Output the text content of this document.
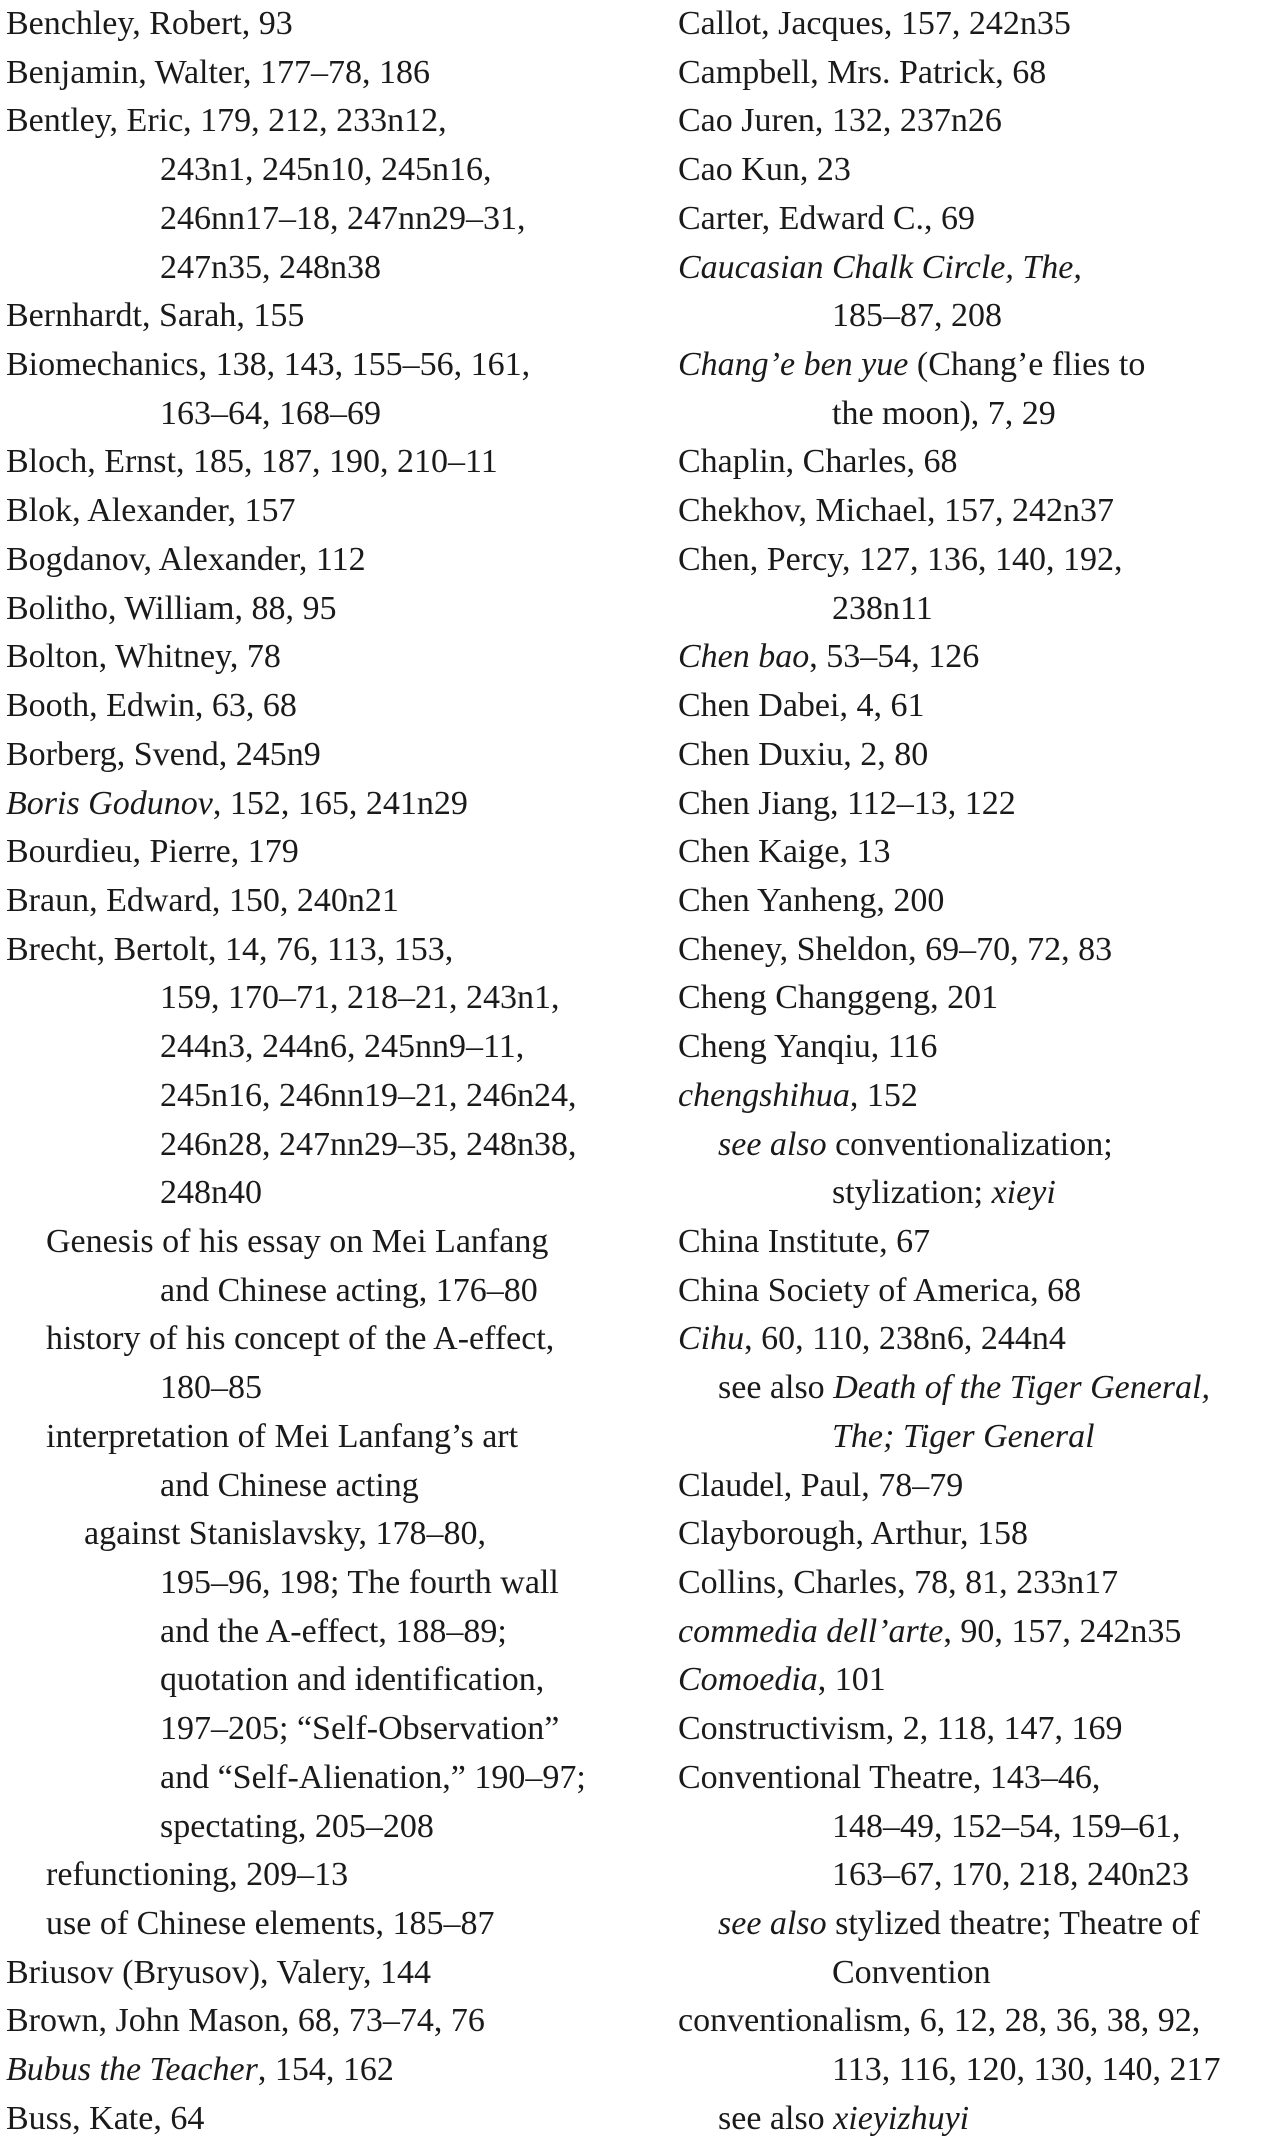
Benchley, Robert, 93
Benjamin, Walter, 177–78, 186
Bentley, Eric, 179, 212, 233n12,
243n1, 245n10, 245n16,
246nn17–18, 247nn29–31,
247n35, 248n38
Bernhardt, Sarah, 155
Biomechanics, 138, 143, 155–56, 161,
163–64, 168–69
Bloch, Ernst, 185, 187, 190, 210–11
Blok, Alexander, 157
Bogdanov, Alexander, 112
Bolitho, William, 88, 95
Bolton, Whitney, 78
Booth, Edwin, 63, 68
Borberg, Svend, 245n9
Boris Godunov, 152, 165, 241n29
Bourdieu, Pierre, 179
Braun, Edward, 150, 240n21
Brecht, Bertolt, 14, 76, 113, 153,
159, 170–71, 218–21, 243n1,
244n3, 244n6, 245nn9–11,
245n16, 246nn19–21, 246n24,
246n28, 247nn29–35, 248n38,
248n40
Genesis of his essay on Mei Lanfang
and Chinese acting, 176–80
history of his concept of the A-effect,
180–85
interpretation of Mei Lanfang’s art
and Chinese acting
against Stanislavsky, 178–80,
195–96, 198; The fourth wall
and the A-effect, 188–89;
quotation and identification,
197–205; “Self-Observation”
and “Self-Alienation,” 190–97;
spectating, 205–208
refunctioning, 209–13
use of Chinese elements, 185–87
Briusov (Bryusov), Valery, 144
Brown, John Mason, 68, 73–74, 76
Bubus the Teacher, 154, 162
Buss, Kate, 64
Callot, Jacques, 157, 242n35
Campbell, Mrs. Patrick, 68
Cao Juren, 132, 237n26
Cao Kun, 23
Carter, Edward C., 69
Caucasian Chalk Circle, The,
185–87, 208
Chang’e ben yue (Chang’e flies to
the moon), 7, 29
Chaplin, Charles, 68
Chekhov, Michael, 157, 242n37
Chen, Percy, 127, 136, 140, 192,
238n11
Chen bao, 53–54, 126
Chen Dabei, 4, 61
Chen Duxiu, 2, 80
Chen Jiang, 112–13, 122
Chen Kaige, 13
Chen Yanheng, 200
Cheney, Sheldon, 69–70, 72, 83
Cheng Changgeng, 201
Cheng Yanqiu, 116
chengshihua, 152
see also conventionalization;
stylization; xieyi
China Institute, 67
China Society of America, 68
Cihu, 60, 110, 238n6, 244n4
see also Death of the Tiger General,
The; Tiger General
Claudel, Paul, 78–79
Clayborough, Arthur, 158
Collins, Charles, 78, 81, 233n17
commedia dell’arte, 90, 157, 242n35
Comoedia, 101
Constructivism, 2, 118, 147, 169
Conventional Theatre, 143–46,
148–49, 152–54, 159–61,
163–67, 170, 218, 240n23
see also stylized theatre; Theatre of
Convention
conventionalism, 6, 12, 28, 36, 38, 92,
113, 116, 120, 130, 140, 217
see also xieyizhuyi
